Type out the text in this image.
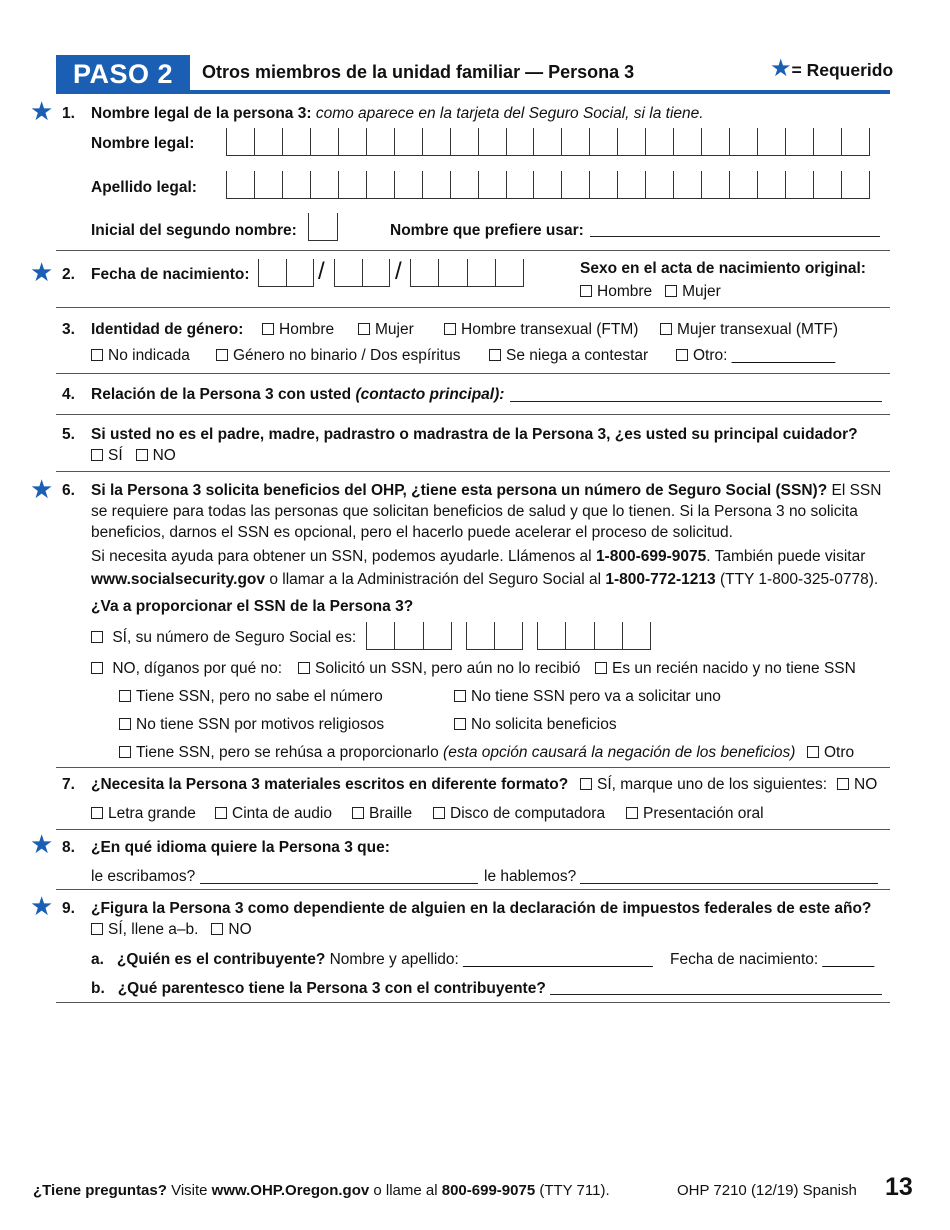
PASO 2	Otros miembros de la unidad familiar — Persona 3	★= Requerido
★ 1. Nombre legal de la persona 3: como aparece en la tarjeta del Seguro Social, si la tiene.
Nombre legal:
Apellido legal:
Inicial del segundo nombre:	Nombre que prefiere usar:
★ 2. Fecha de nacimiento:	/	/	Sexo en el acta de nacimiento original:
Hombre Mujer
3. Identidad de género:	Hombre	Mujer	Hombre transexual (FTM)	Mujer transexual (MTF)
No indicada	Género no binario / Dos espíritus	Se niega a contestar	Otro: ____________
4. Relación de la Persona 3 con usted (contacto principal):
5. Si usted no es el padre, madre, padrastro o madrastra de la Persona 3, ¿es usted su principal cuidador?
SÍ NO
★ 6. Si la Persona 3 solicita beneficios del OHP, ¿tiene esta persona un número de Seguro Social (SSN)? El SSN
se requiere para todas las personas que solicitan beneficios de salud y que lo tienen. Si la Persona 3 no solicita
beneficios, darnos el SSN es opcional, pero el hacerlo puede acelerar el proceso de solicitud.
Si necesita ayuda para obtener un SSN, podemos ayudarle. Llámenos al 1-800-699-9075. También puede visitar
www.socialsecurity.gov o llamar a la Administración del Seguro Social al 1-800-772-1213 (TTY 1-800-325-0778).
¿Va a proporcionar el SSN de la Persona 3?
SÍ, su número de Seguro Social es:
NO, díganos por qué no:	Solicitó un SSN, pero aún no lo recibió	Es un recién nacido y no tiene SSN
Tiene SSN, pero no sabe el número	No tiene SSN pero va a solicitar uno
No tiene SSN por motivos religiosos	No solicita beneficios
Tiene SSN, pero se rehúsa a proporcionarlo (esta opción causará la negación de los beneficios)	Otro
7. ¿Necesita la Persona 3 materiales escritos en diferente formato?	SÍ, marque uno de los siguientes:	NO
Letra grande	Cinta de audio	Braille	Disco de computadora	Presentación oral
★ 8. ¿En qué idioma quiere la Persona 3 que:
le escribamos?	le hablemos?
★ 9. ¿Figura la Persona 3 como dependiente de alguien en la declaración de impuestos federales de este año?
SÍ, llene a–b. NO
a. ¿Quién es el contribuyente? Nombre y apellido: ______________________ Fecha de nacimiento: ______
b. ¿Qué parentesco tiene la Persona 3 con el contribuyente?
¿Tiene preguntas? Visite www.OHP.Oregon.gov o llame al 800-699-9075 (TTY 711).	OHP 7210 (12/19) Spanish 13
